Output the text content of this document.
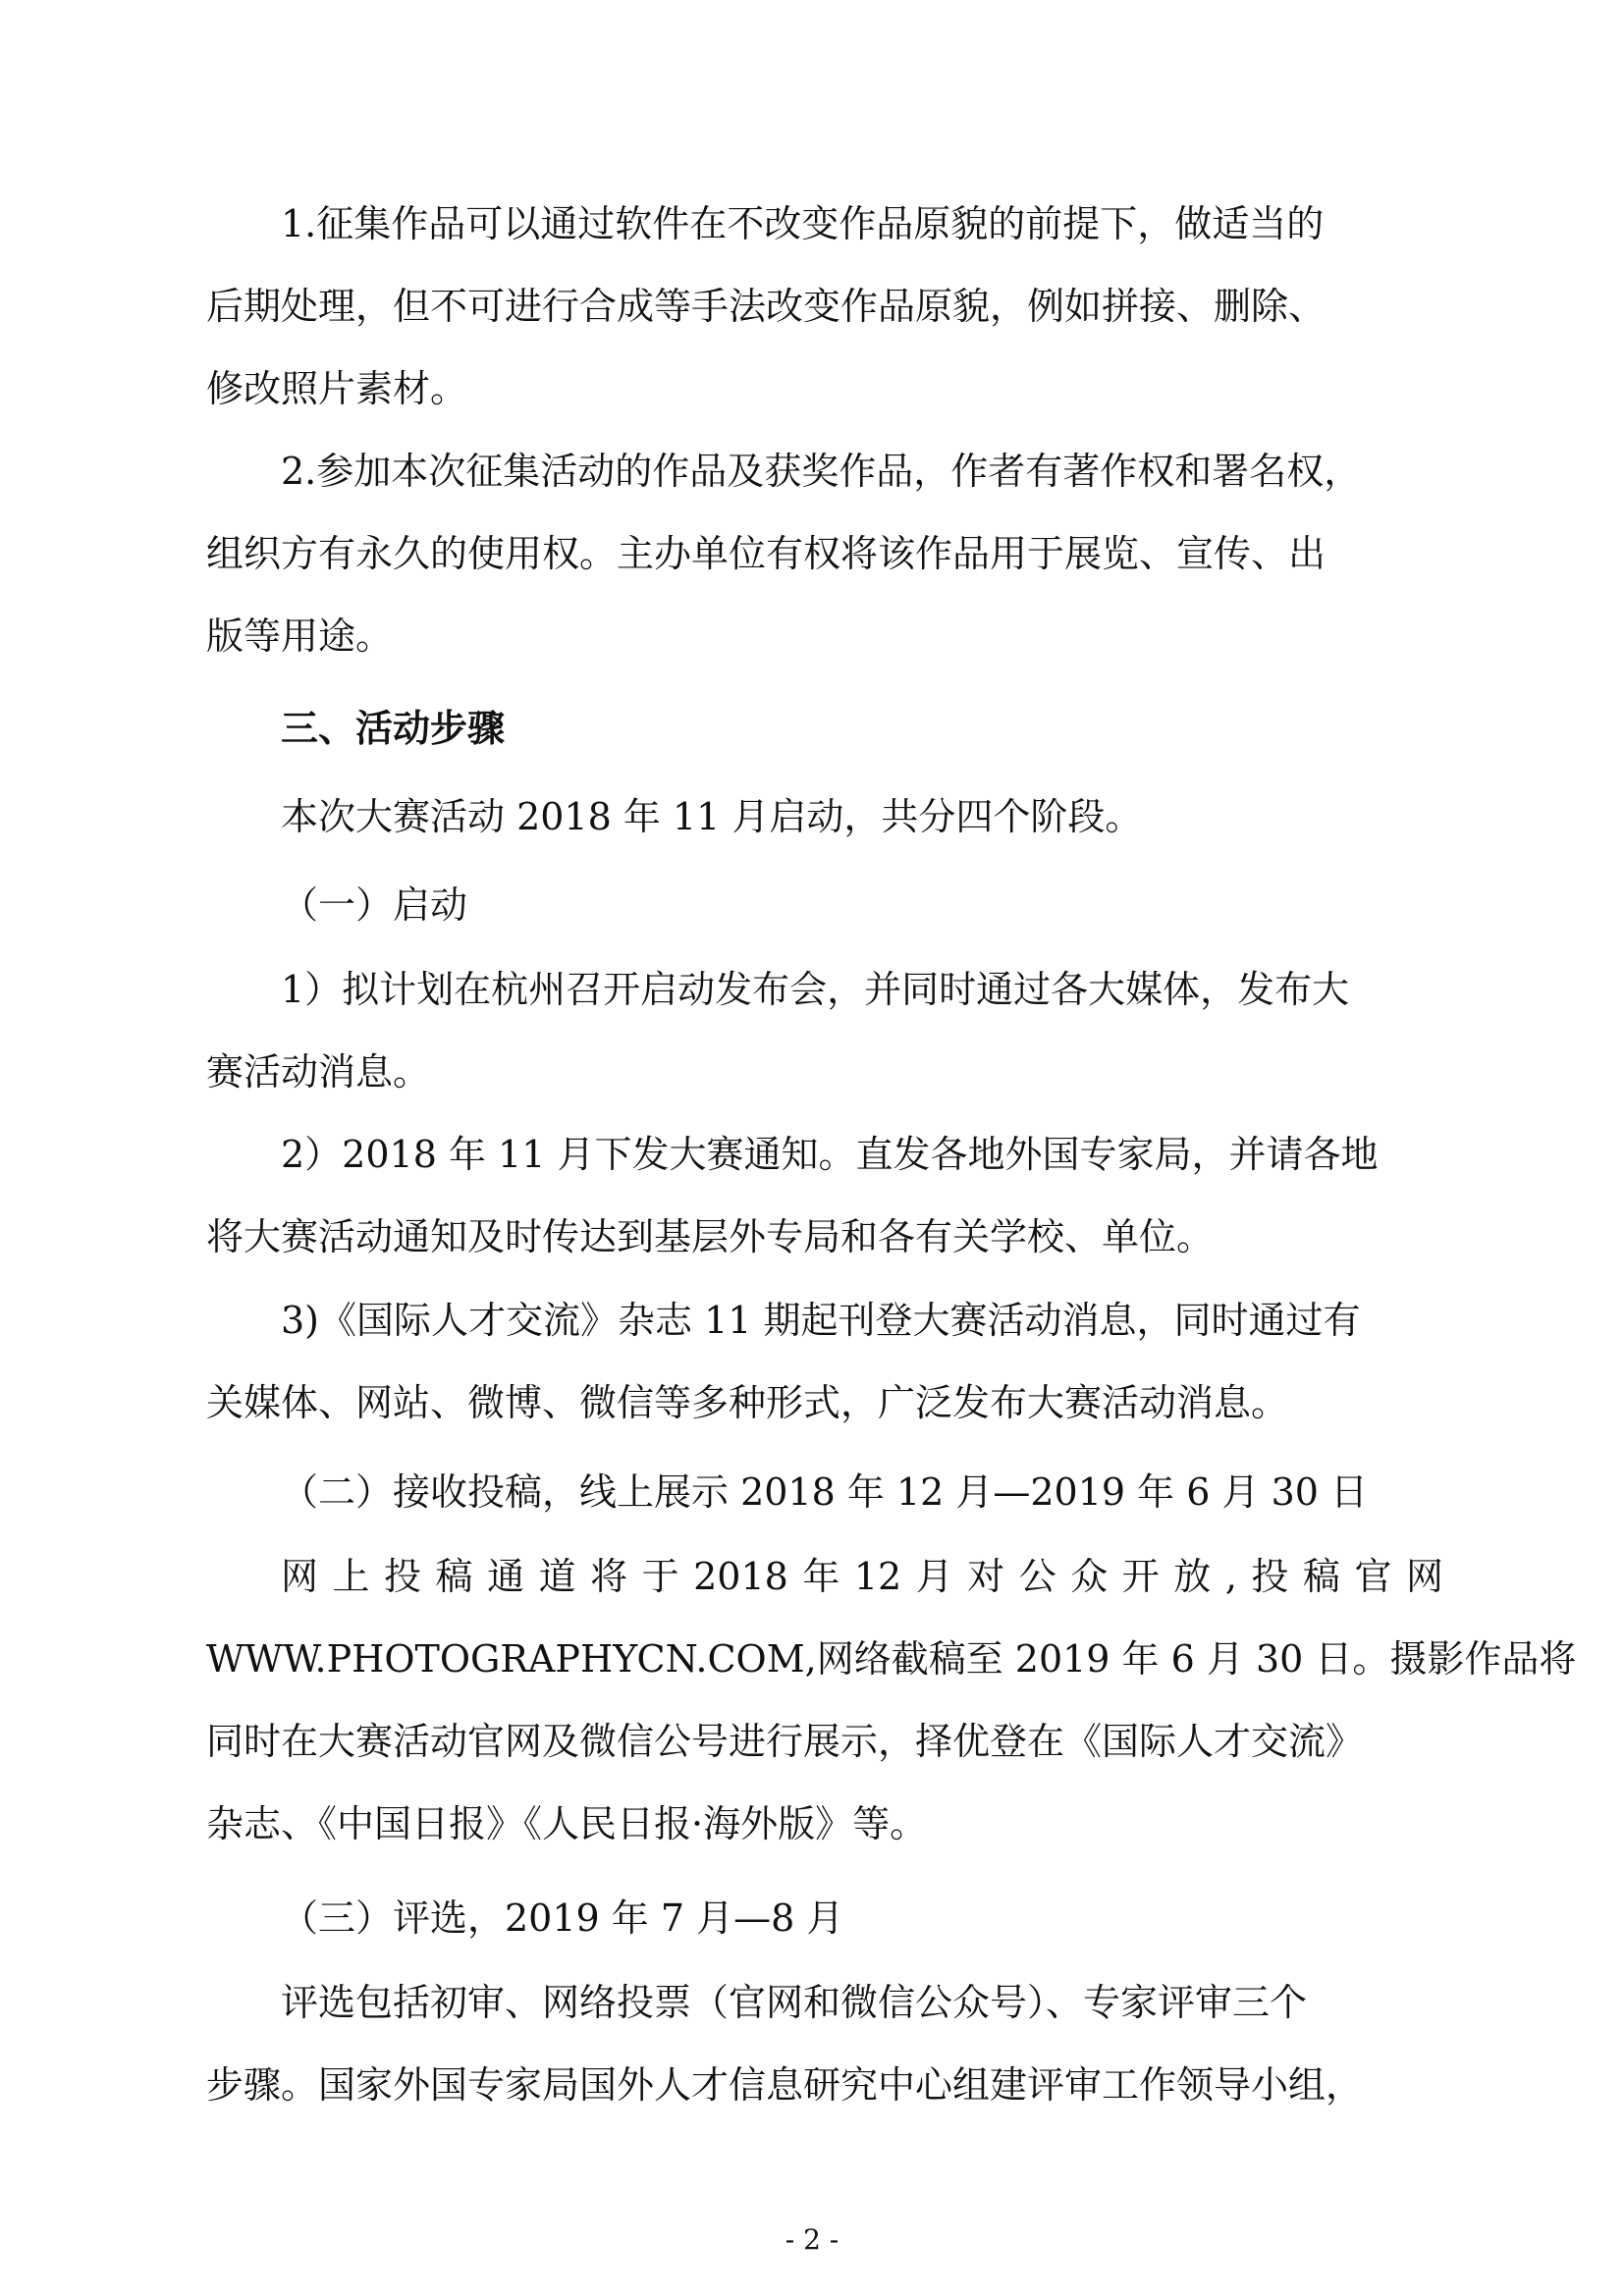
1.征集作品可以通过软件在不改变作品原貌的前提下，做适当的
后期处理，但不可进行合成等手法改变作品原貌，例如拼接、删除、
修改照片素材。
2.参加本次征集活动的作品及获奖作品，作者有著作权和署名权，
组织方有永久的使用权。主办单位有权将该作品用于展览、宣传、出
版等用途。
三、活动步骤
本次大赛活动 2018 年 11 月启动，共分四个阶段。
（一）启动
1）拟计划在杭州召开启动发布会，并同时通过各大媒体，发布大
赛活动消息。
2）2018 年 11 月下发大赛通知。直发各地外国专家局，并请各地
将大赛活动通知及时传达到基层外专局和各有关学校、单位。
3)《国际人才交流》杂志 11 期起刊登大赛活动消息，同时通过有
关媒体、网站、微博、微信等多种形式，广泛发布大赛活动消息。
（二）接收投稿，线上展示 2018 年 12 月—2019 年 6 月 30 日
网 上 投 稿 通 道 将 于 2018 年 12 月 对 公 众 开 放 , 投 稿 官 网
WWW.PHOTOGRAPHYCN.COM,网络截稿至 2019 年 6 月 30 日。摄影作品将
同时在大赛活动官网及微信公号进行展示，择优登在《国际人才交流》
杂志、《中国日报》《人民日报·海外版》等。
（三）评选，2019 年 7 月—8 月
评选包括初审、网络投票（官网和微信公众号）、专家评审三个
步骤。国家外国专家局国外人才信息研究中心组建评审工作领导小组，
- 2 -
